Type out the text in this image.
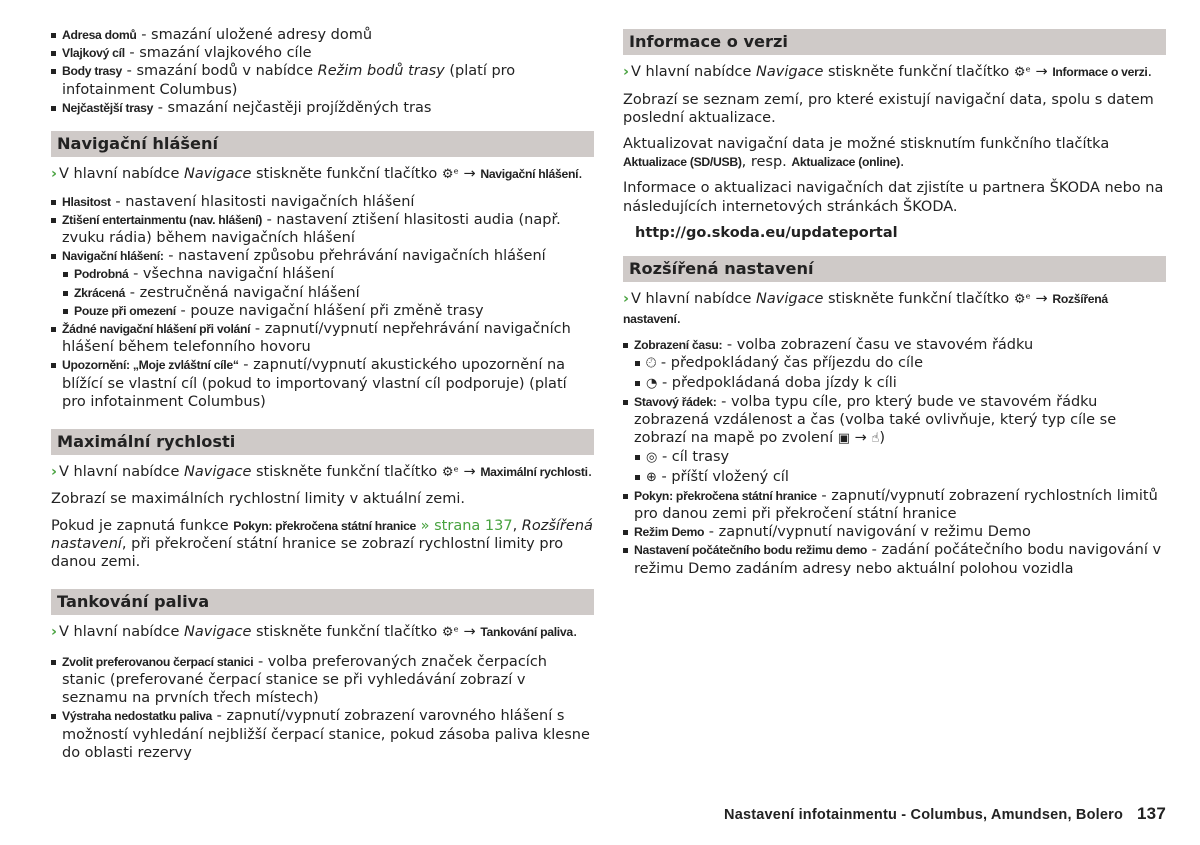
Adresa domů - smazání uložené adresy domů

Vlajkový cíl - smazání vlajkového cíle

Body trasy - smazání bodů v nabídce Režim bodů trasy (platí pro infotainment Columbus)

Nejčastější trasy - smazání nejčastěji projížděných tras

Navigační hlášení

› V hlavní nabídce Navigace stiskněte funkční tlačítko ⚙ᵉ → Navigační hlášení.

Hlasitost - nastavení hlasitosti navigačních hlášení

Ztišení entertainmentu (nav. hlášení) - nastavení ztišení hlasitosti audia (např. zvuku rádia) během navigačních hlášení

Navigační hlášení: - nastavení způsobu přehrávání navigačních hlášení

Podrobná - všechna navigační hlášení

Zkrácená - zestručněná navigační hlášení

Pouze při omezení - pouze navigační hlášení při změně trasy

Žádné navigační hlášení při volání - zapnutí/vypnutí nepřehrávání navigačních hlášení během telefonního hovoru

Upozornění: „Moje zvláštní cíle“ - zapnutí/vypnutí akustického upozornění na blížící se vlastní cíl (pokud to importovaný vlastní cíl podporuje) (platí pro infotainment Columbus)

Maximální rychlosti

› V hlavní nabídce Navigace stiskněte funkční tlačítko ⚙ᵉ → Maximální rychlosti.

Zobrazí se maximálních rychlostní limity v aktuální zemi.

Pokud je zapnutá funkce Pokyn: překročena státní hranice » strana 137, Rozšířená nastavení, při překročení státní hranice se zobrazí rychlostní limity pro danou zemi.

Tankování paliva

› V hlavní nabídce Navigace stiskněte funkční tlačítko ⚙ᵉ → Tankování paliva.

Zvolit preferovanou čerpací stanici - volba preferovaných značek čerpacích stanic (preferované čerpací stanice se při vyhledávání zobrazí v seznamu na prvních třech místech)

Výstraha nedostatku paliva - zapnutí/vypnutí zobrazení varovného hlášení s možností vyhledání nejbližší čerpací stanice, pokud zásoba paliva klesne do oblasti rezervy

Informace o verzi

› V hlavní nabídce Navigace stiskněte funkční tlačítko ⚙ᵉ → Informace o verzi.

Zobrazí se seznam zemí, pro které existují navigační data, spolu s datem poslední aktualizace.

Aktualizovat navigační data je možné stisknutím funkčního tlačítka Aktualizace (SD/USB), resp. Aktualizace (online).

Informace o aktualizaci navigačních dat zjistíte u partnera ŠKODA nebo na následujících internetových stránkách ŠKODA.

http://go.skoda.eu/updateportal

Rozšířená nastavení

› V hlavní nabídce Navigace stiskněte funkční tlačítko ⚙ᵉ → Rozšířená nastavení.

Zobrazení času: - volba zobrazení času ve stavovém řádku

🕘︎ - předpokládaný čas příjezdu do cíle

◔ - předpokládaná doba jízdy k cíli

Stavový řádek: - volba typu cíle, pro který bude ve stavovém řádku zobrazená vzdálenost a čas (volba také ovlivňuje, který typ cíle se zobrazí na mapě po zvolení ▣ → ☝)

◎ - cíl trasy

⊕ - příští vložený cíl

Pokyn: překročena státní hranice - zapnutí/vypnutí zobrazení rychlostních limitů pro danou zemi při překročení státní hranice

Režim Demo - zapnutí/vypnutí navigování v režimu Demo

Nastavení počátečního bodu režimu demo - zadání počátečního bodu navigování v režimu Demo zadáním adresy nebo aktuální polohou vozidla

Nastavení infotainmentu - Columbus, Amundsen, Bolero 137
